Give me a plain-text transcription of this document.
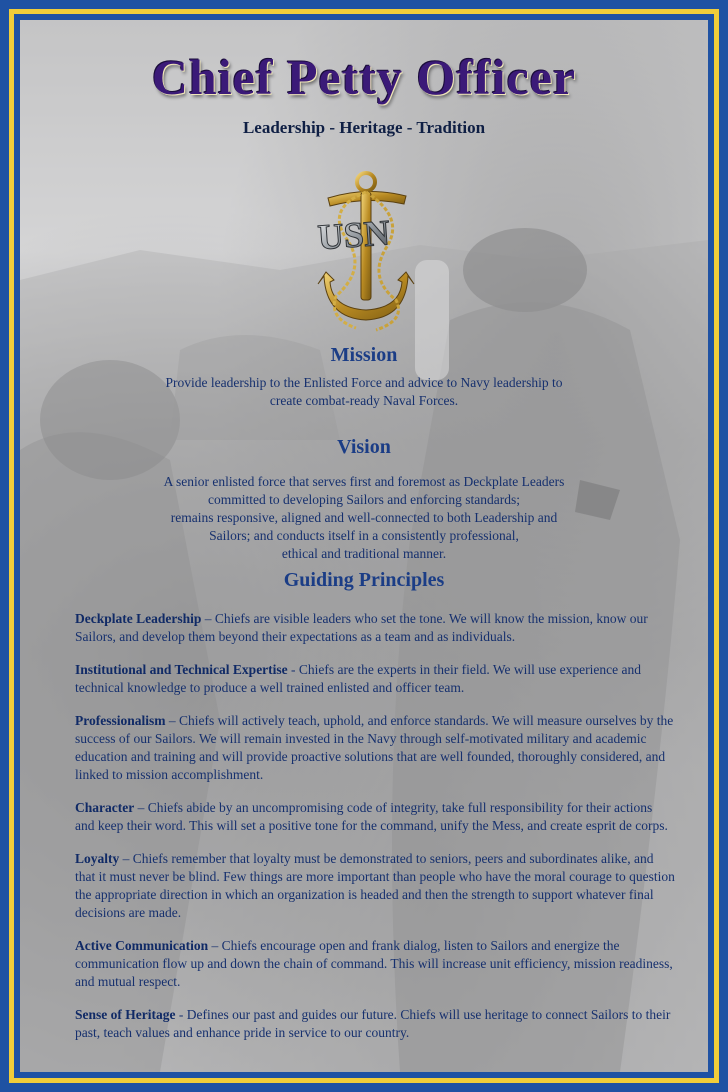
Chief Petty Officer
Leadership - Heritage - Tradition
USN
Mission
Provide leadership to the Enlisted Force and advice to Navy leadership to
create combat-ready Naval Forces.
Vision
A senior enlisted force that serves first and foremost as Deckplate Leaders
committed to developing Sailors and enforcing standards;
remains responsive, aligned and well-connected to both Leadership and
Sailors; and conducts itself in a consistently professional,
ethical and traditional manner.
Guiding Principles

Deckplate Leadership – Chiefs are visible leaders who set the tone. We will know the mission, know our Sailors, and develop them beyond their expectations as a team and as individuals.

Institutional and Technical Expertise - Chiefs are the experts in their field. We will use experience and technical knowledge to produce a well trained enlisted and officer team.

Professionalism – Chiefs will actively teach, uphold, and enforce standards. We will measure ourselves by the success of our Sailors. We will remain invested in the Navy through self-motivated military and academic education and training and will provide proactive solutions that are well founded, thoroughly considered, and linked to mission accomplishment.

Character – Chiefs abide by an uncompromising code of integrity, take full responsibility for their actions and keep their word. This will set a positive tone for the command, unify the Mess, and create esprit de corps.

Loyalty – Chiefs remember that loyalty must be demonstrated to seniors, peers and subordinates alike, and that it must never be blind. Few things are more important than people who have the moral courage to question the appropriate direction in which an organization is headed and then the strength to support whatever final decisions are made.

Active Communication – Chiefs encourage open and frank dialog, listen to Sailors and energize the communication flow up and down the chain of command. This will increase unit efficiency, mission readiness, and mutual respect.

Sense of Heritage - Defines our past and guides our future. Chiefs will use heritage to connect Sailors to their past, teach values and enhance pride in service to our country.
